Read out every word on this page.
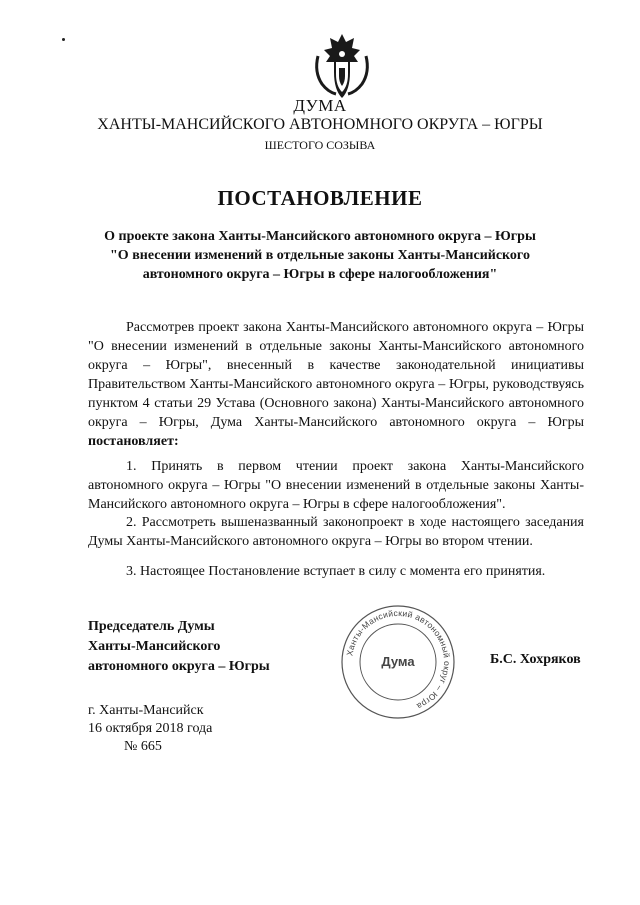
ДУМА
ХАНТЫ-МАНСИЙСКОГО АВТОНОМНОГО ОКРУГА – ЮГРЫ
ШЕСТОГО СОЗЫВА
ПОСТАНОВЛЕНИЕ
О проекте закона Ханты-Мансийского автономного округа – Югры
"О внесении изменений в отдельные законы Ханты-Мансийского
автономного округа – Югры в сфере налогообложения"
Рассмотрев проект закона Ханты-Мансийского автономного округа – Югры "О внесении изменений в отдельные законы Ханты-Мансийского автономного округа – Югры", внесенный в качестве законодательной инициативы Правительством Ханты-Мансийского автономного округа – Югры, руководствуясь пунктом 4 статьи 29 Устава (Основного закона) Ханты-Мансийского автономного округа – Югры, Дума Ханты-Мансийского автономного округа – Югры постановляет:
1. Принять в первом чтении проект закона Ханты-Мансийского автономного округа – Югры "О внесении изменений в отдельные законы Ханты-Мансийского автономного округа – Югры в сфере налогообложения".
2. Рассмотреть вышеназванный законопроект в ходе настоящего заседания Думы Ханты-Мансийского автономного округа – Югры во втором чтении.
3. Настоящее Постановление вступает в силу с момента его принятия.
Председатель Думы
Ханты-Мансийского
автономного округа – Югры
Ханты-Мансийский автономный округ – Югра
Дума	Б.С. Хохряков
г. Ханты-Мансийск
16 октября 2018 года
№ 665
